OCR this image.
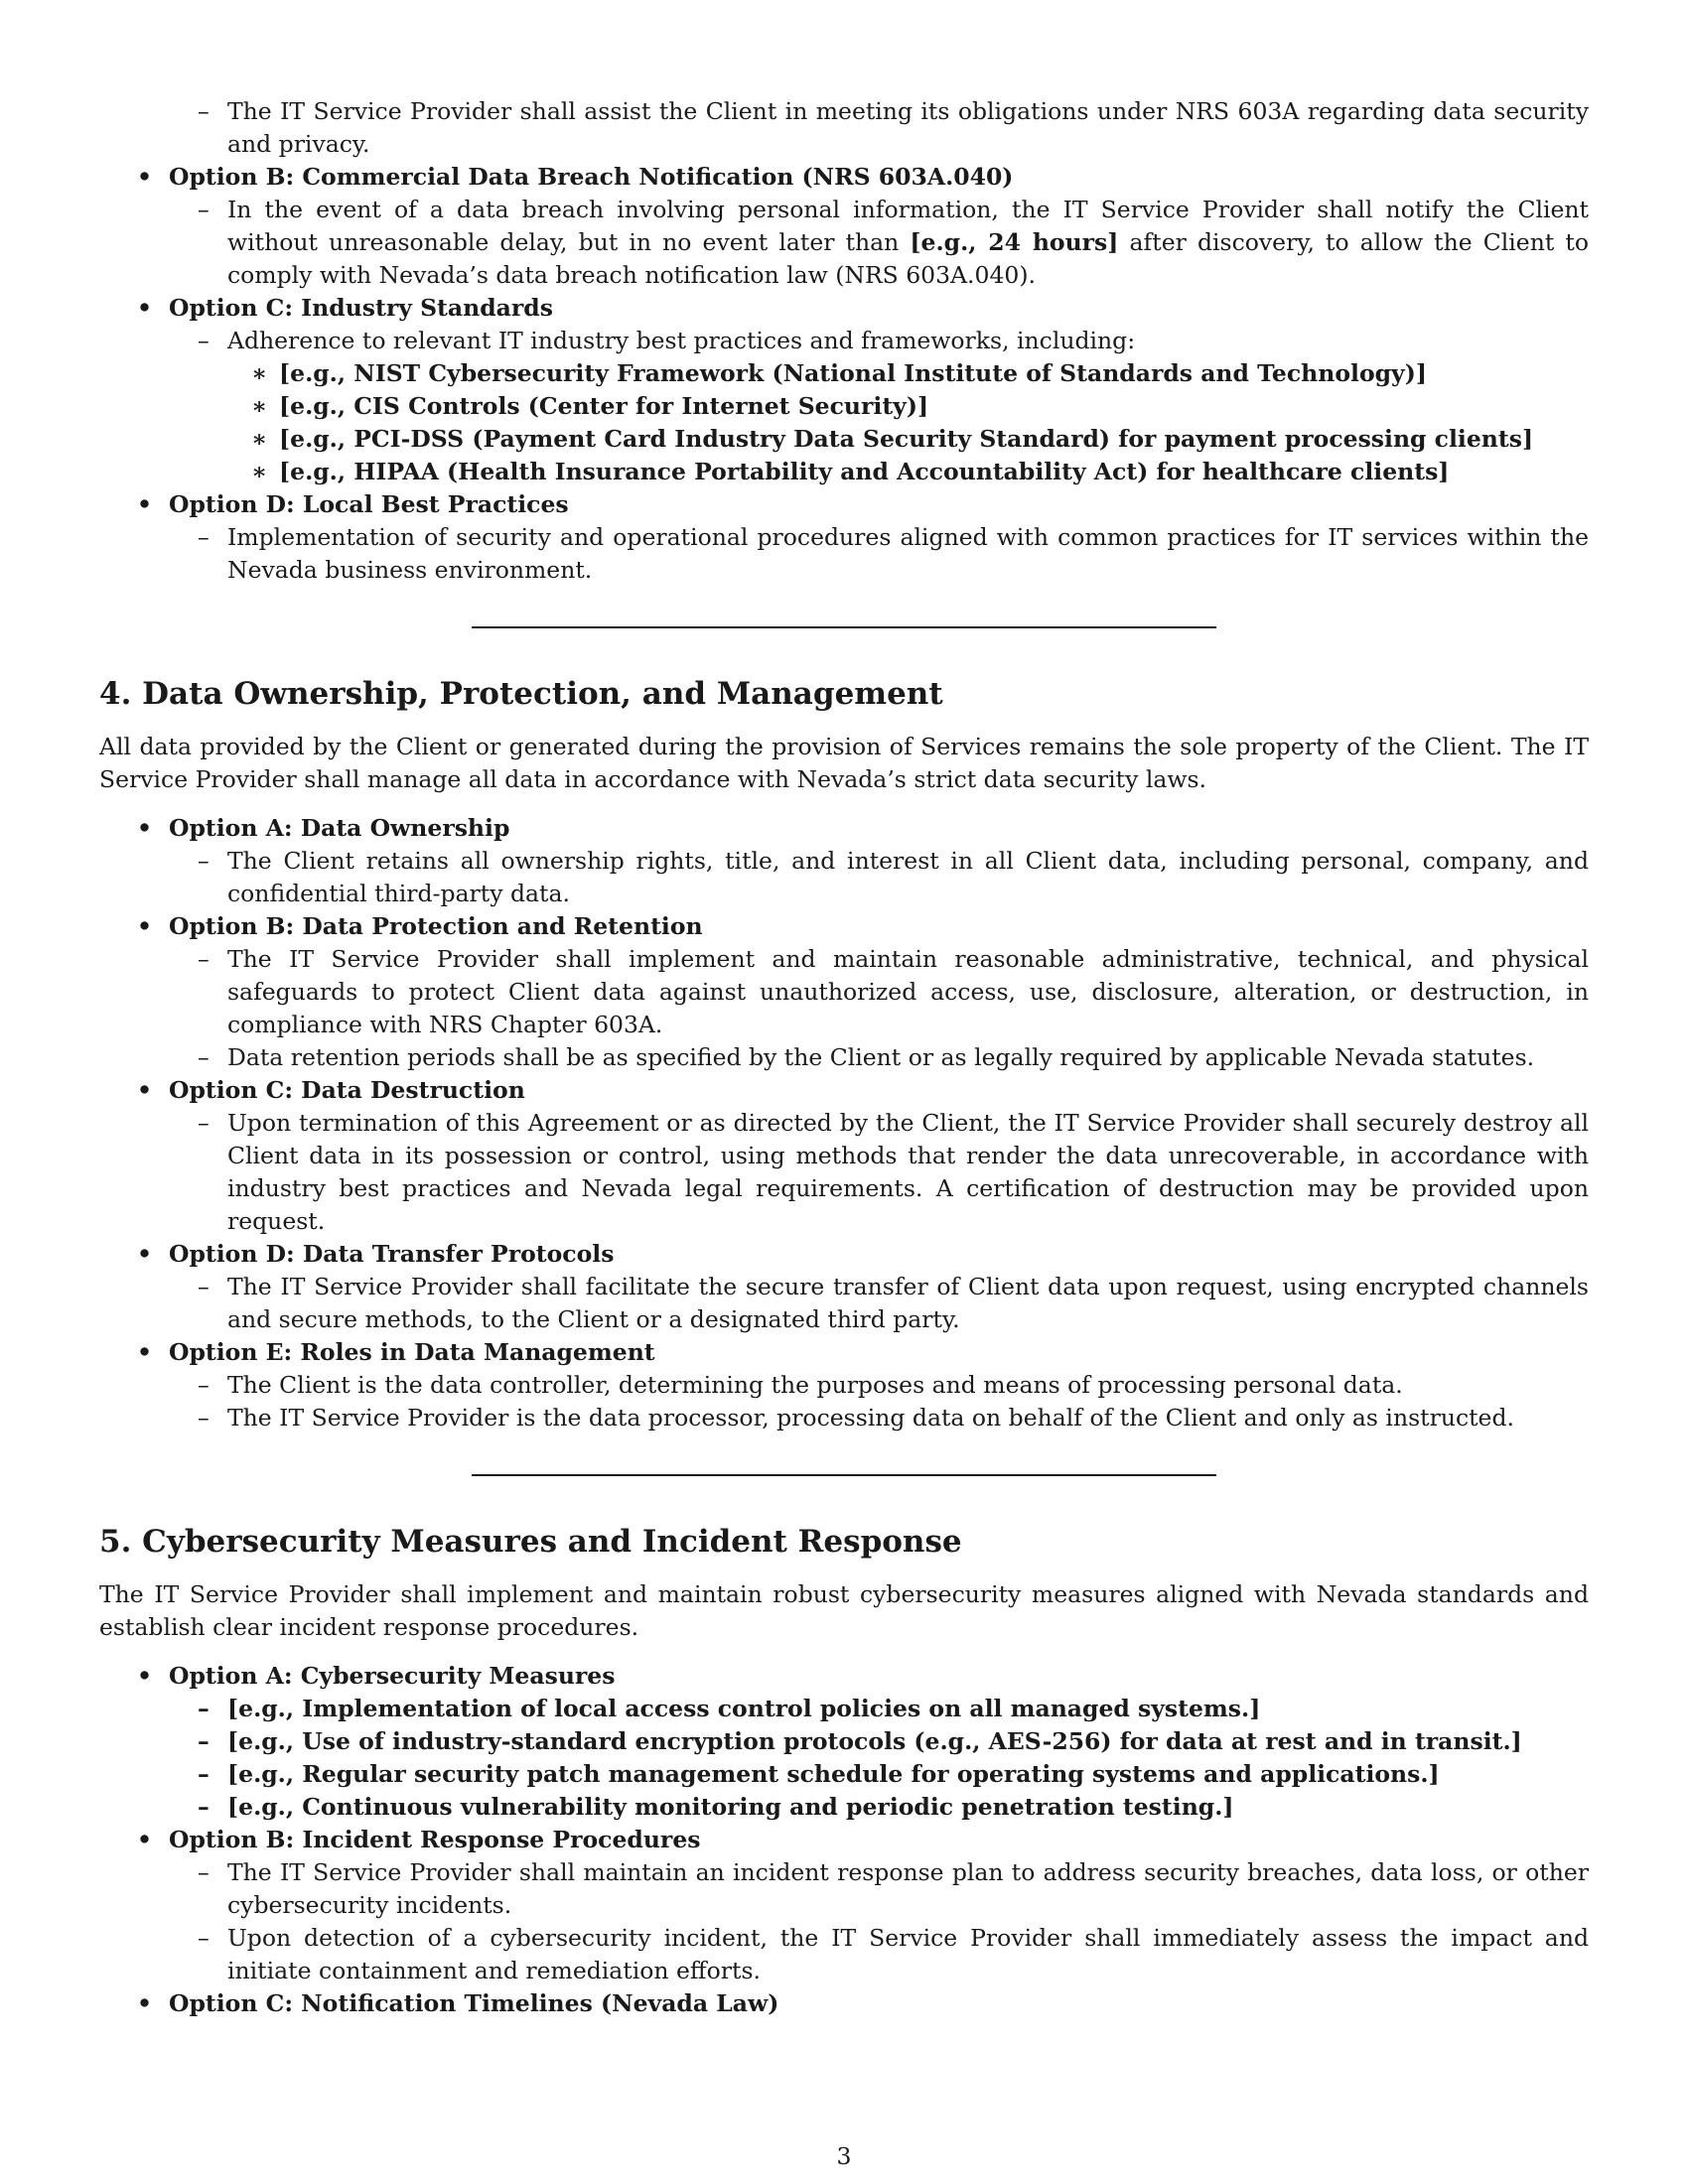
– The IT Service Provider shall assist the Client in meeting its obligations under NRS 603A regarding data security and privacy.
• Option B: Commercial Data Breach Notification (NRS 603A.040)
– In the event of a data breach involving personal information, the IT Service Provider shall notify the Client without unreasonable delay, but in no event later than [e.g., 24 hours] after discovery, to allow the Client to comply with Nevada’s data breach notification law (NRS 603A.040).
• Option C: Industry Standards
– Adherence to relevant IT industry best practices and frameworks, including:
∗ [e.g., NIST Cybersecurity Framework (National Institute of Standards and Technology)]
∗ [e.g., CIS Controls (Center for Internet Security)]
∗ [e.g., PCI-DSS (Payment Card Industry Data Security Standard) for payment processing clients]
∗ [e.g., HIPAA (Health Insurance Portability and Accountability Act) for healthcare clients]
• Option D: Local Best Practices
– Implementation of security and operational procedures aligned with common practices for IT services within the Nevada business environment.
4. Data Ownership, Protection, and Management
All data provided by the Client or generated during the provision of Services remains the sole property of the Client. The IT Service Provider shall manage all data in accordance with Nevada’s strict data security laws.
• Option A: Data Ownership
– The Client retains all ownership rights, title, and interest in all Client data, including personal, company, and confidential third-party data.
• Option B: Data Protection and Retention
– The IT Service Provider shall implement and maintain reasonable administrative, technical, and physical safeguards to protect Client data against unauthorized access, use, disclosure, alteration, or destruction, in compliance with NRS Chapter 603A.
– Data retention periods shall be as specified by the Client or as legally required by applicable Nevada statutes.
• Option C: Data Destruction
– Upon termination of this Agreement or as directed by the Client, the IT Service Provider shall securely destroy all Client data in its possession or control, using methods that render the data unrecoverable, in accordance with industry best practices and Nevada legal requirements. A certification of destruction may be provided upon request.
• Option D: Data Transfer Protocols
– The IT Service Provider shall facilitate the secure transfer of Client data upon request, using encrypted channels and secure methods, to the Client or a designated third party.
• Option E: Roles in Data Management
– The Client is the data controller, determining the purposes and means of processing personal data.
– The IT Service Provider is the data processor, processing data on behalf of the Client and only as instructed.
5. Cybersecurity Measures and Incident Response
The IT Service Provider shall implement and maintain robust cybersecurity measures aligned with Nevada standards and establish clear incident response procedures.
• Option A: Cybersecurity Measures
– [e.g., Implementation of local access control policies on all managed systems.]
– [e.g., Use of industry-standard encryption protocols (e.g., AES-256) for data at rest and in transit.]
– [e.g., Regular security patch management schedule for operating systems and applications.]
– [e.g., Continuous vulnerability monitoring and periodic penetration testing.]
• Option B: Incident Response Procedures
– The IT Service Provider shall maintain an incident response plan to address security breaches, data loss, or other cybersecurity incidents.
– Upon detection of a cybersecurity incident, the IT Service Provider shall immediately assess the impact and initiate containment and remediation efforts.
• Option C: Notification Timelines (Nevada Law)
3
